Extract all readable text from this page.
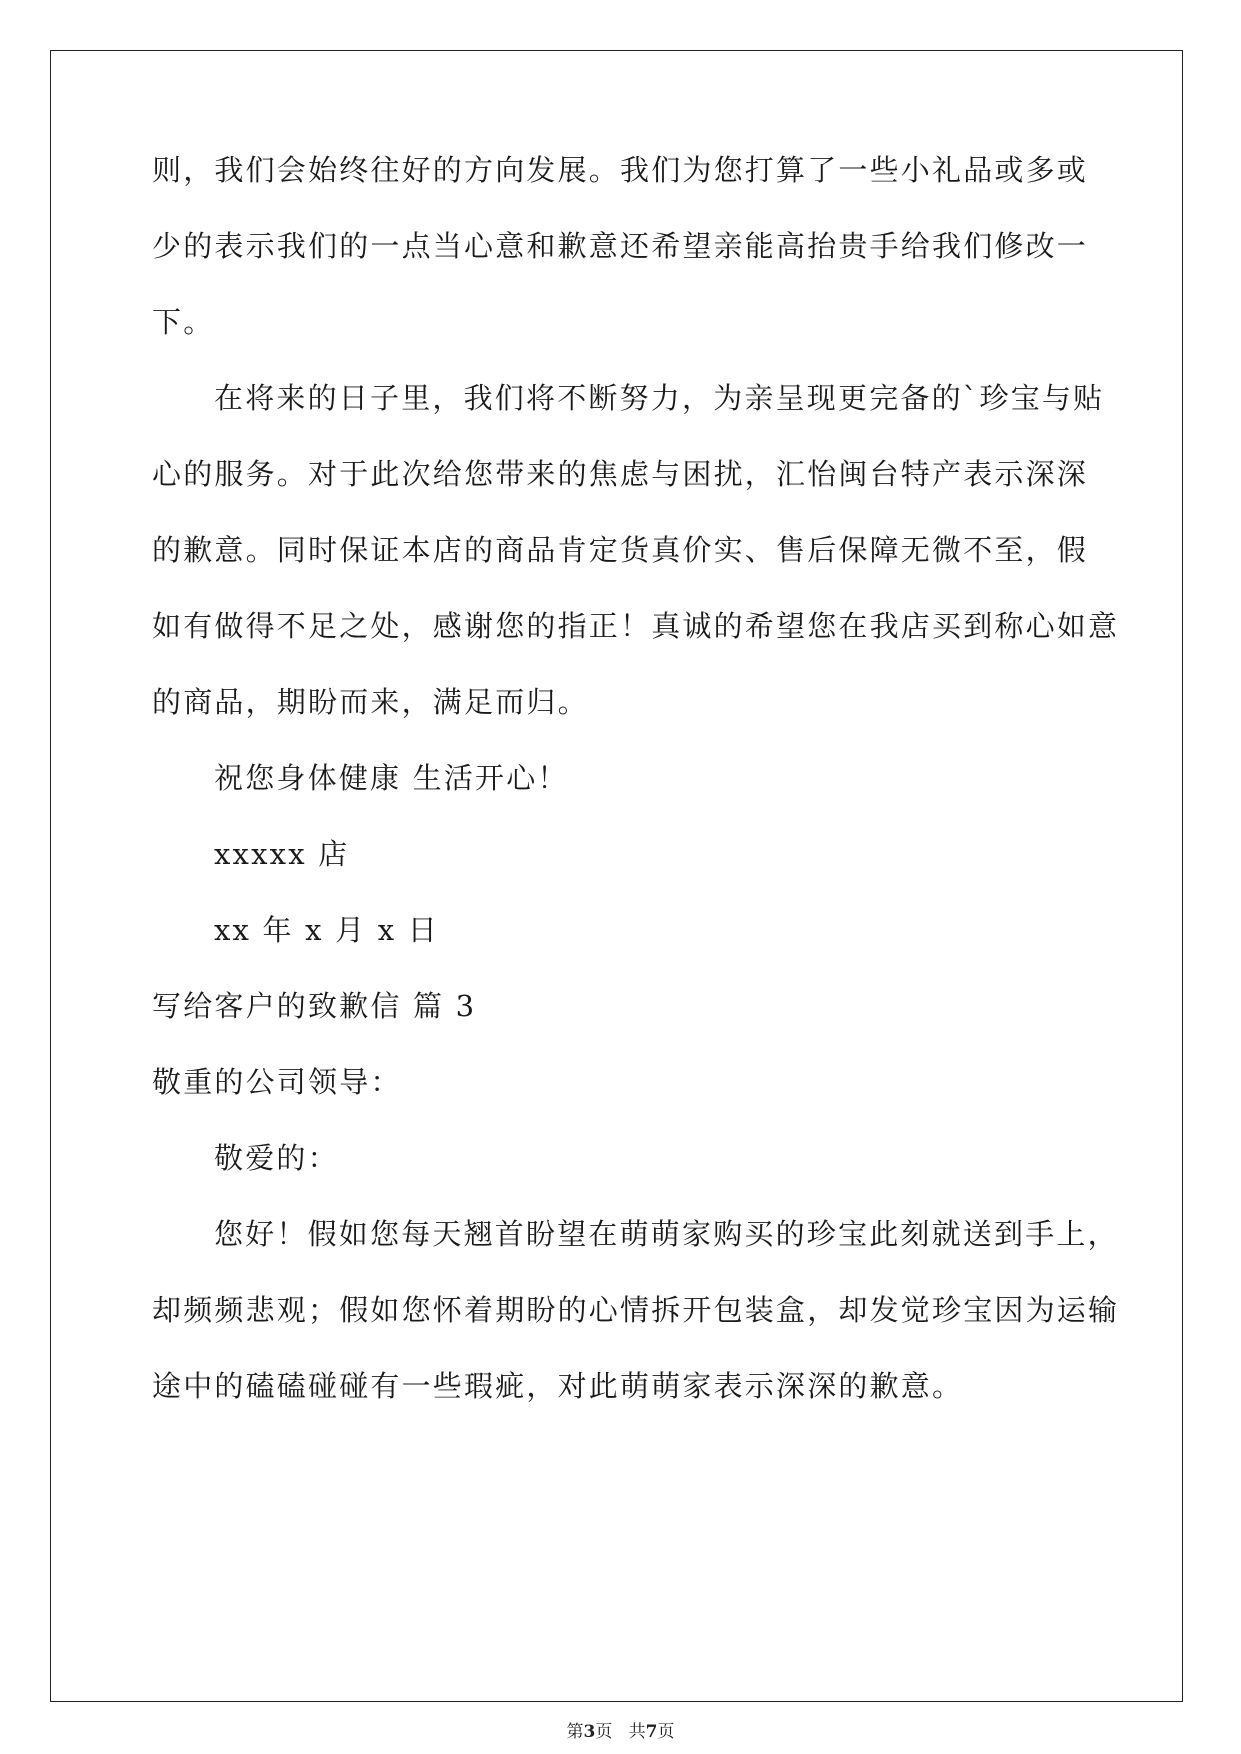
则，我们会始终往好的方向发展。我们为您打算了一些小礼品或多或
少的表示我们的一点当心意和歉意还希望亲能高抬贵手给我们修改一
下。
在将来的日子里，我们将不断努力，为亲呈现更完备的`珍宝与贴
心的服务。对于此次给您带来的焦虑与困扰，汇怡闽台特产表示深深
的歉意。同时保证本店的商品肯定货真价实、售后保障无微不至，假
如有做得不足之处，感谢您的指正！真诚的希望您在我店买到称心如意
的商品，期盼而来，满足而归。
祝您身体健康 生活开心！
xxxxx 店
xx 年 x 月 x 日
写给客户的致歉信 篇 3
敬重的公司领导：
敬爱的：
您好！假如您每天翘首盼望在萌萌家购买的珍宝此刻就送到手上，
却频频悲观；假如您怀着期盼的心情拆开包装盒，却发觉珍宝因为运输
途中的磕磕碰碰有一些瑕疵，对此萌萌家表示深深的歉意。
第3页 共7页
